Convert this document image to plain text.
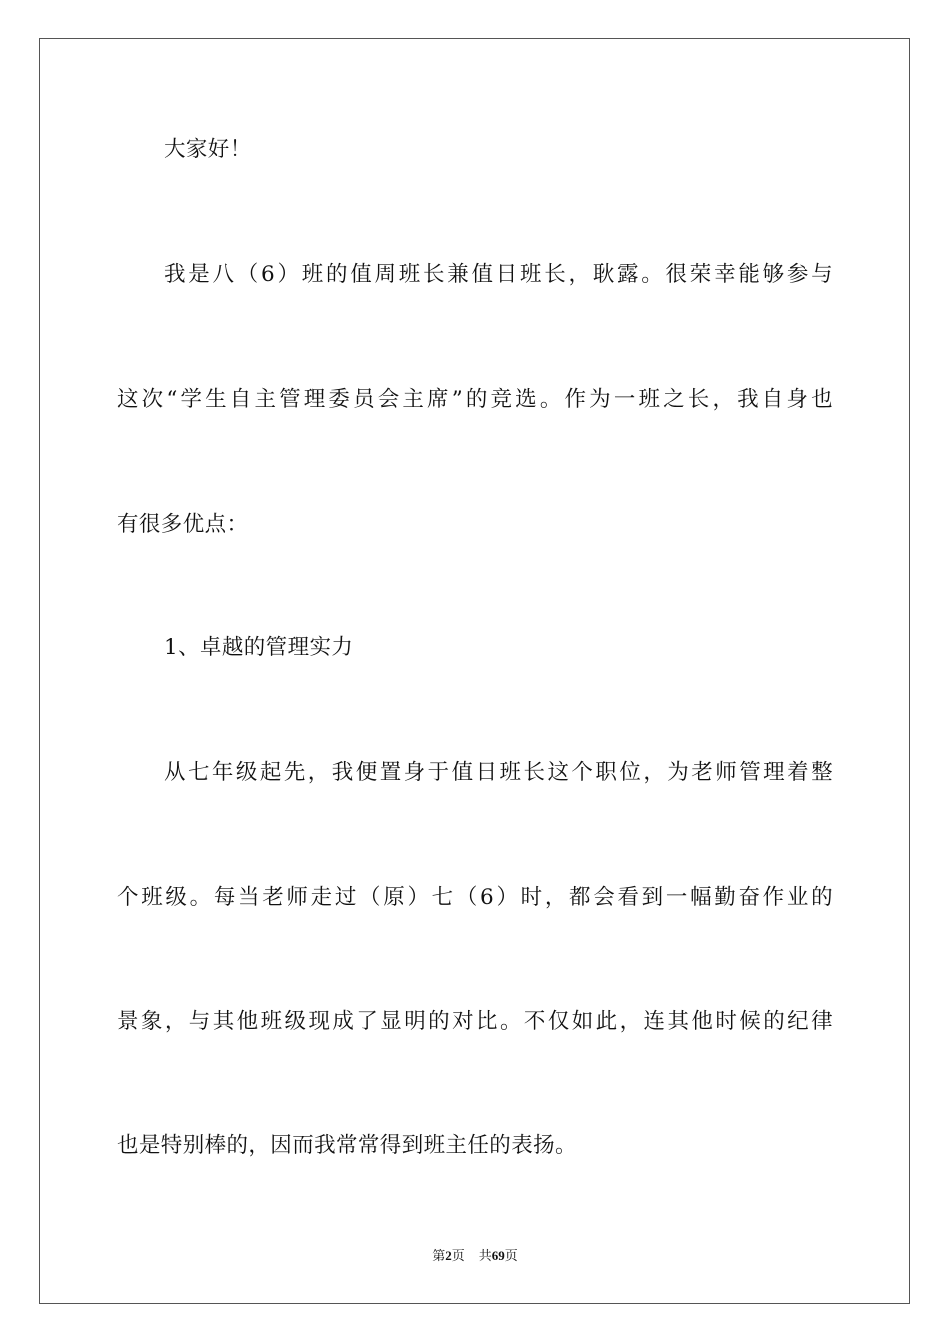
大家好！
我是八（6）班的值周班长兼值日班长，耿露。很荣幸能够参与
这次“学生自主管理委员会主席”的竞选。作为一班之长，我自身也
有很多优点：
1、卓越的管理实力
从七年级起先，我便置身于值日班长这个职位，为老师管理着整
个班级。每当老师走过（原）七（6）时，都会看到一幅勤奋作业的
景象，与其他班级现成了显明的对比。不仅如此，连其他时候的纪律
也是特别棒的，因而我常常得到班主任的表扬。
第2页 共69页
